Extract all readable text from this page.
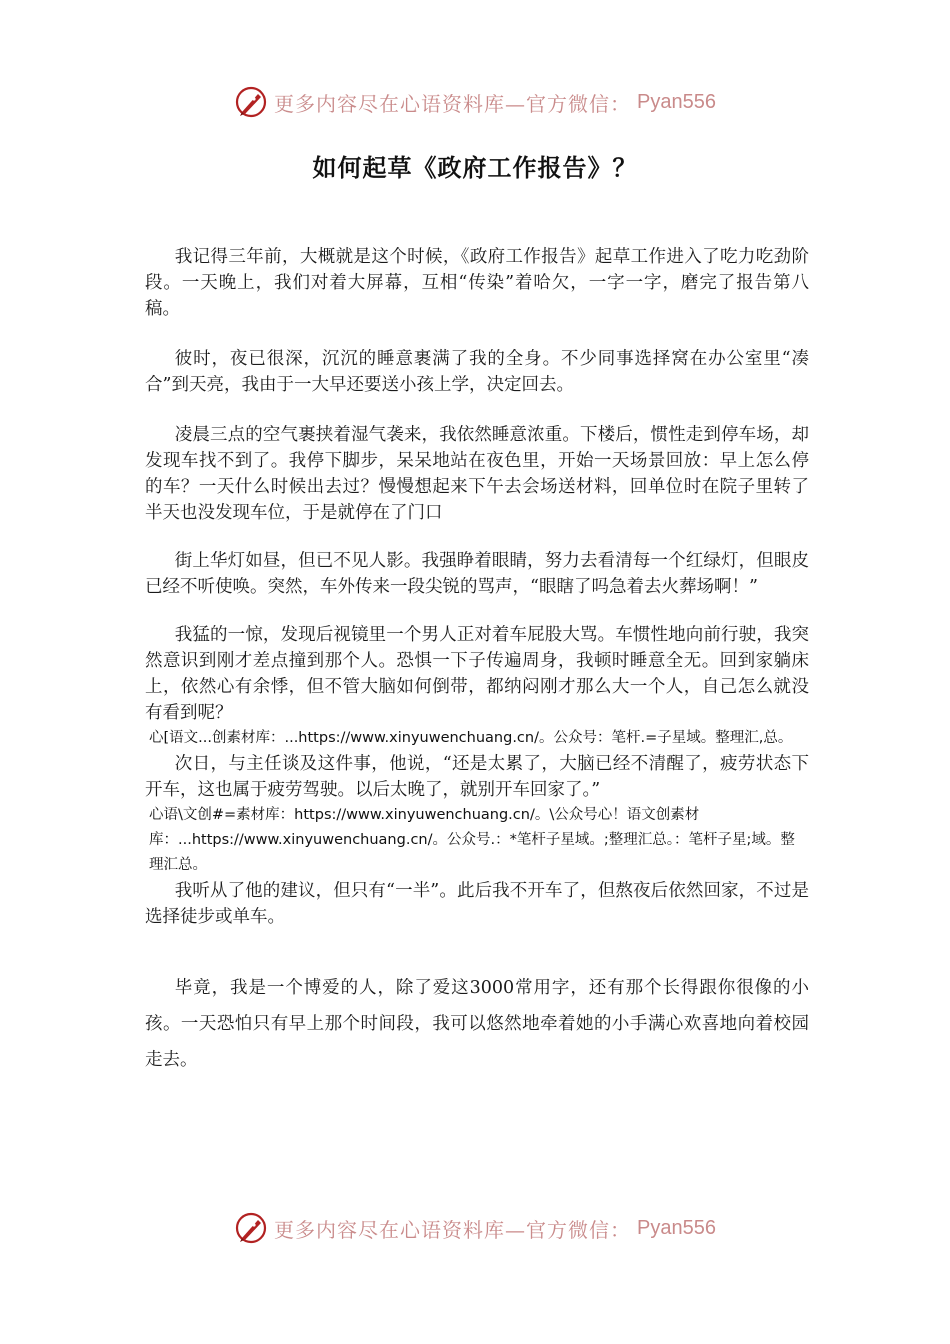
更多内容尽在心语资料库—官方微信： Pyan556
如何起草《政府工作报告》？

我记得三年前，大概就是这个时候，《政府工作报告》起草工作进入了吃力吃劲阶段。一天晚上，我们对着大屏幕，互相“传染”着哈欠，一字一字，磨完了报告第八稿。

彼时，夜已很深，沉沉的睡意裹满了我的全身。不少同事选择窝在办公室里“凑合”到天亮，我由于一大早还要送小孩上学，决定回去。

凌晨三点的空气裹挟着湿气袭来，我依然睡意浓重。下楼后，惯性走到停车场，却发现车找不到了。我停下脚步，呆呆地站在夜色里，开始一天场景回放：早上怎么停的车？一天什么时候出去过？慢慢想起来下午去会场送材料，回单位时在院子里转了半天也没发现车位，于是就停在了门口

街上华灯如昼，但已不见人影。我强睁着眼睛，努力去看清每一个红绿灯，但眼皮已经不听使唤。突然，车外传来一段尖锐的骂声，“眼瞎了吗急着去火葬场啊！”

我猛的一惊，发现后视镜里一个男人正对着车屁股大骂。车惯性地向前行驶，我突然意识到刚才差点撞到那个人。恐惧一下子传遍周身，我顿时睡意全无。回到家躺床上，依然心有余悸，但不管大脑如何倒带，都纳闷刚才那么大一个人，自己怎么就没有看到呢？

心[语文...创素材库：...https://www.xinyuwenchuang.cn/。公众号：笔杆.=子星域。整理汇,总。

次日，与主任谈及这件事，他说，“还是太累了，大脑已经不清醒了，疲劳状态下开车，这也属于疲劳驾驶。以后太晚了，就别开车回家了。”

心语\文创#=素材库：https://www.xinyuwenchuang.cn/。\公众号心！语文创素材库：...https://www.xinyuwenchuang.cn/。公众号.：*笔杆子星域。;整理汇总。：笔杆子星;域。整理汇总。

我听从了他的建议，但只有“一半”。此后我不开车了，但熬夜后依然回家，不过是选择徒步或单车。

毕竟，我是一个博爱的人，除了爱这3000常用字，还有那个长得跟你很像的小孩。一天恐怕只有早上那个时间段，我可以悠然地牵着她的小手满心欢喜地向着校园走去。

更多内容尽在心语资料库—官方微信： Pyan556
